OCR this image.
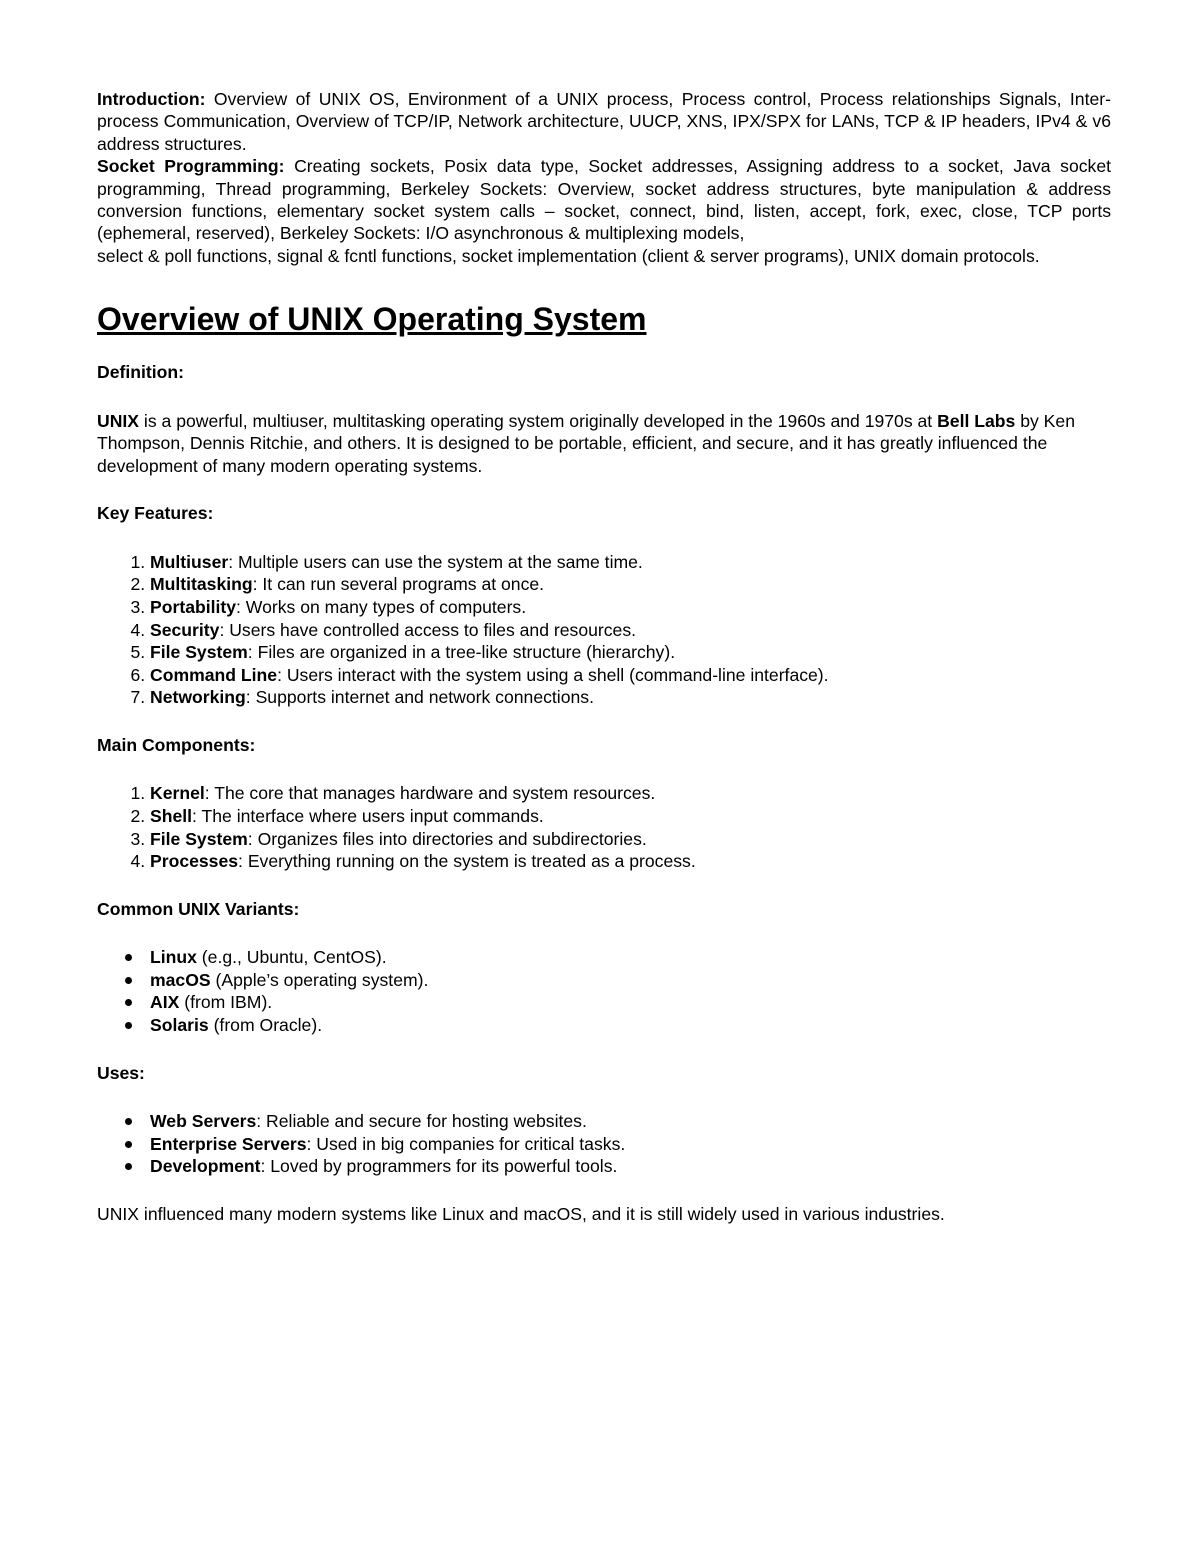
Introduction: Overview of UNIX OS, Environment of a UNIX process, Process control, Process relationships Signals, Inter-process Communication, Overview of TCP/IP, Network architecture, UUCP, XNS, IPX/SPX for LANs, TCP & IP headers, IPv4 & v6 address structures.

Socket Programming: Creating sockets, Posix data type, Socket addresses, Assigning address to a socket, Java socket programming, Thread programming, Berkeley Sockets: Overview, socket address structures, byte manipulation & address conversion functions, elementary socket system calls – socket, connect, bind, listen, accept, fork, exec, close, TCP ports (ephemeral, reserved), Berkeley Sockets: I/O asynchronous & multiplexing models,

select & poll functions, signal & fcntl functions, socket implementation (client & server programs), UNIX domain protocols.

Overview of UNIX Operating System

Definition:

UNIX is a powerful, multiuser, multitasking operating system originally developed in the 1960s and 1970s at Bell Labs by Ken Thompson, Dennis Ritchie, and others. It is designed to be portable, efficient, and secure, and it has greatly influenced the development of many modern operating systems.

Key Features:

1. Multiuser: Multiple users can use the system at the same time.
2. Multitasking: It can run several programs at once.
3. Portability: Works on many types of computers.
4. Security: Users have controlled access to files and resources.
5. File System: Files are organized in a tree-like structure (hierarchy).
6. Command Line: Users interact with the system using a shell (command-line interface).
7. Networking: Supports internet and network connections.

Main Components:

1. Kernel: The core that manages hardware and system resources.
2. Shell: The interface where users input commands.
3. File System: Organizes files into directories and subdirectories.
4. Processes: Everything running on the system is treated as a process.

Common UNIX Variants:

Linux (e.g., Ubuntu, CentOS).
macOS (Apple’s operating system).
AIX (from IBM).
Solaris (from Oracle).

Uses:

Web Servers: Reliable and secure for hosting websites.
Enterprise Servers: Used in big companies for critical tasks.
Development: Loved by programmers for its powerful tools.

UNIX influenced many modern systems like Linux and macOS, and it is still widely used in various industries.
